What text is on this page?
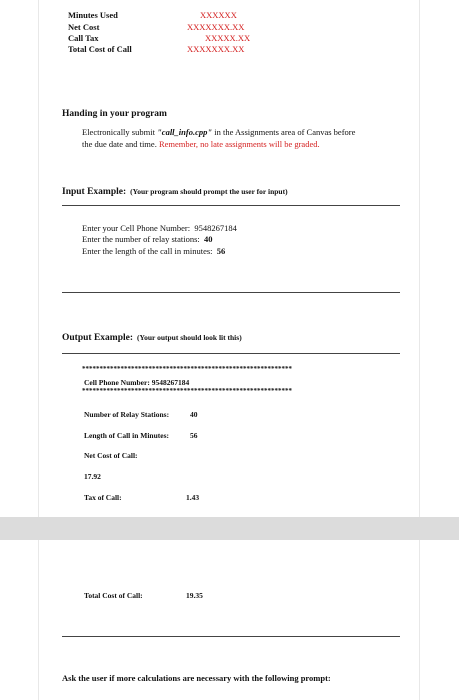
Minutes Used	XXXXXX
Net Cost	XXXXXXX.XX
Call Tax	XXXXX.XX
Total Cost of Call	XXXXXXX.XX
Handing in your program
Electronically submit "call_info.cpp" in the Assignments area of Canvas before
the due date and time. Remember, no late assignments will be graded.
Input Example: (Your program should prompt the user for input)
Enter your Cell Phone Number: 9548267184
Enter the number of relay stations: 40
Enter the length of the call in minutes: 56
Output Example: (Your output should look lit this)
************************************************************
Cell Phone Number: 9548267184
************************************************************
Number of Relay Stations:	40
Length of Call in Minutes:	56
Net Cost of Call:
17.92
Tax of Call:	1.43
Total Cost of Call:	19.35
Ask the user if more calculations are necessary with the following prompt:
